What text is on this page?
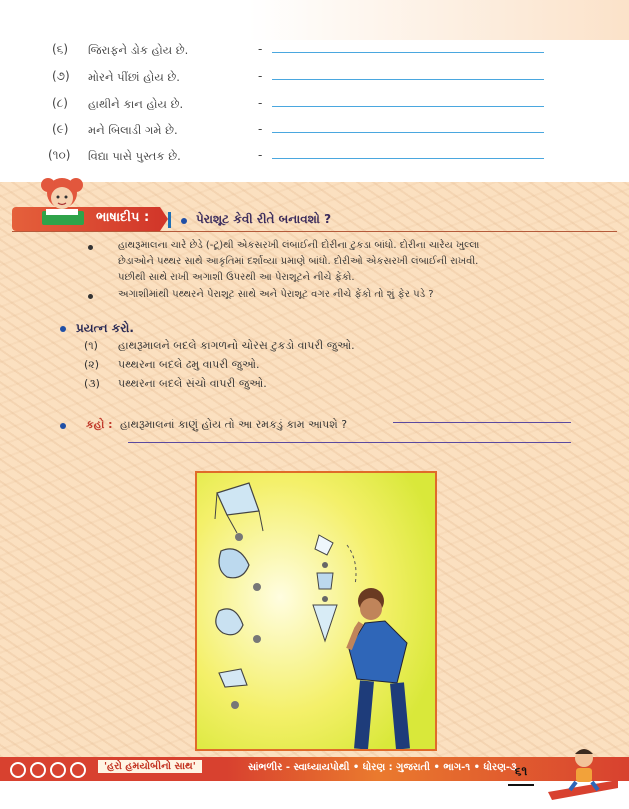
(૬) જિરાફને ડોક હોય છે.	-
(૭) મોરને પીંછાં હોય છે.	-
(૮) હાથીને કાન હોય છે.	-
(૯) મને બિલાડી ગમે છે.	-
(૧૦) વિદ્યા પાસે પુસ્તક છે.	-
ભાષાદીપ :	પેરાશૂટ કેવી રીતે બનાવશો ?
હાથરૂમાલના ચારે છેડે (-ટૂ)થી એકસરખી લંબાઈની દોરીના ટુકડા બાંધો. દોરીના ચારેય ખુલ્લા
છેડાઓને પથ્થર સાથે આકૃતિમાં દર્શાવ્યા પ્રમાણે બાંધો. દોરીઓ એકસરખી લંબાઈની રાખવી.
પછીથી સાથે રાખી અગાશી ઉપરથી આ પેરાશૂટને નીચે ફેંકો.
અગાશીમાંથી પથ્થરને પેરાશૂટ સાથે અને પેરાશૂટ વગર નીચે ફેંકો તો શું ફેર પડે ?
પ્રયત્ન કરો.
(૧) હાથરૂમાલને બદલે કાગળનો ચોરસ ટુકડો વાપરી જુઓ.
(૨) પથ્થરના બદલે ઢમુ વાપરી જુઓ.
(૩) પથ્થરના બદલે સંચો વાપરી જુઓ.
કહો : હાથરૂમાલનાં કાણું હોય તો આ રમકડું કામ આપશે ?
'હરો હમયોબીનો સાથ'	સાંભળીર - સ્વાધ્યાયપોથી • ધોરણ : ગુજરાતી • ભાગ-૧ • ધોરણ-૩
૬૧
